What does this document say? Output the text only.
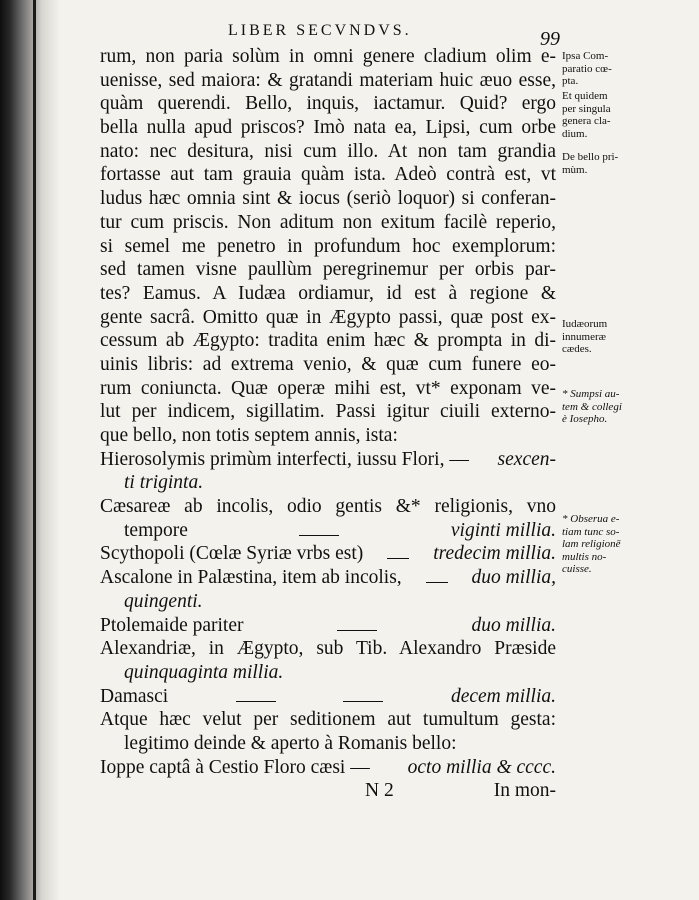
LIBER SECVNDVS.	99
rum, non paria solùm in omni genere cladium olim e-
uenisse, sed maiora: & gratandi materiam huic æuo esse,
quàm querendi. Bello, inquis, iactamur. Quid? ergo
bella nulla apud priscos? Imò nata ea, Lipsi, cum orbe
nato: nec desitura, nisi cum illo. At non tam grandia
fortasse aut tam grauia quàm ista. Adeò contrà est, vt
ludus hæc omnia sint & iocus (seriò loquor) si conferan-
tur cum priscis. Non aditum non exitum facilè reperio,
si semel me penetro in profundum hoc exemplorum:
sed tamen visne paullùm peregrinemur per orbis par-
tes? Eamus. A Iudæa ordiamur, id est à regione &
gente sacrâ. Omitto quæ in Ægypto passi, quæ post ex-
cessum ab Ægypto: tradita enim hæc & prompta in di-
uinis libris: ad extrema venio, & quæ cum funere eo-
rum coniuncta. Quæ operæ mihi est, vt* exponam ve-
lut per indicem, sigillatim. Passi igitur ciuili externo-
que bello, non totis septem annis, ista:
Hierosolymis primùm interfecti, iussu Flori, — sexcen-
ti triginta.
Cæsareæ ab incolis, odio gentis &* religionis, vno
tempore	viginti millia.
Scythopoli (Cœlæ Syriæ vrbs est)	tredecim millia.
Ascalone in Palæstina, item ab incolis,	duo millia,
quingenti.
Ptolemaide pariter	duo millia.
Alexandriæ, in Ægypto, sub Tib. Alexandro Præside
quinquaginta millia.
Damasci	decem millia.
Atque hæc velut per seditionem aut tumultum gesta:
legitimo deinde & aperto à Romanis bello:
Ioppe captâ à Cestio Floro cæsi — octo millia & cccc.
N 2	In mon-
Ipsa Com-
paratio cœ-
pta.
Et quidem
per singula
genera cla-
dium.
De bello pri-
mùm.
Iudæorum
innumeræ
cædes.
* Sumpsi au-
tem & collegi
è Iosepho.
* Obserua e-
tiam tunc so-
lam religionē
multis no-
cuisse.
